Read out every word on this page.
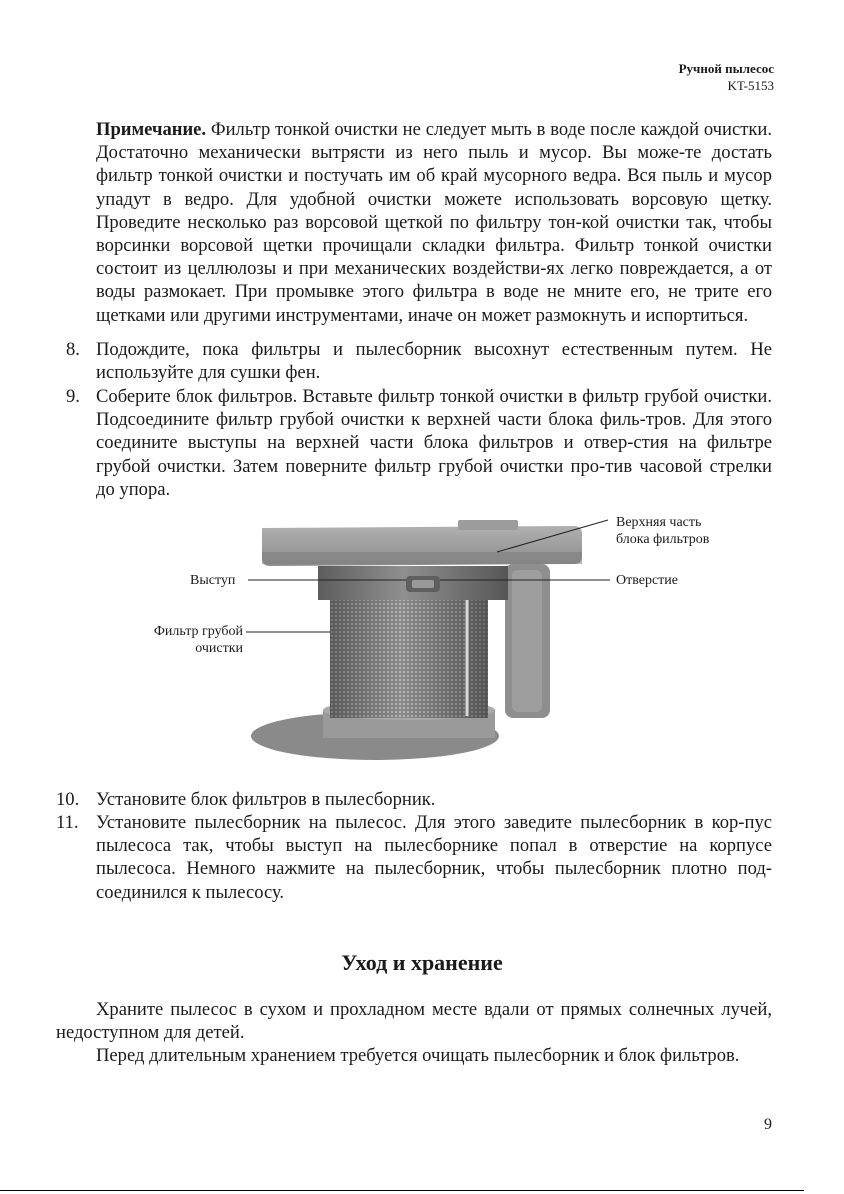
Ручной пылесос
KT-5153
Примечание. Фильтр тонкой очистки не следует мыть в воде после каждой очистки. Достаточно механически вытрясти из него пыль и мусор. Вы може-те достать фильтр тонкой очистки и постучать им об край мусорного ведра. Вся пыль и мусор упадут в ведро. Для удобной очистки можете использовать ворсовую щетку. Проведите несколько раз ворсовой щеткой по фильтру тон-кой очистки так, чтобы ворсинки ворсовой щетки прочищали складки фильтра. Фильтр тонкой очистки состоит из целлюлозы и при механических воздействи-ях легко повреждается, а от воды размокает. При промывке этого фильтра в воде не мните его, не трите его щетками или другими инструментами, иначе он может размокнуть и испортиться.
8. Подождите, пока фильтры и пылесборник высохнут естественным путем. Не используйте для сушки фен.
9. Соберите блок фильтров. Вставьте фильтр тонкой очистки в фильтр грубой очистки. Подсоедините фильтр грубой очистки к верхней части блока филь-тров. Для этого соедините выступы на верхней части блока фильтров и отвер-стия на фильтре грубой очистки. Затем поверните фильтр грубой очистки про-тив часовой стрелки до упора.
Верхняя часть
блока фильтров
Выступ	Отверстие
Фильтр грубой
очистки
10. Установите блок фильтров в пылесборник.
11. Установите пылесборник на пылесос. Для этого заведите пылесборник в кор-пус пылесоса так, чтобы выступ на пылесборнике попал в отверстие на корпусе пылесоса. Немного нажмите на пылесборник, чтобы пылесборник плотно под-соединился к пылесосу.
Уход и хранение
Храните пылесос в сухом и прохладном месте вдали от прямых солнечных лучей, недоступном для детей.
Перед длительным хранением требуется очищать пылесборник и блок фильтров.
9
